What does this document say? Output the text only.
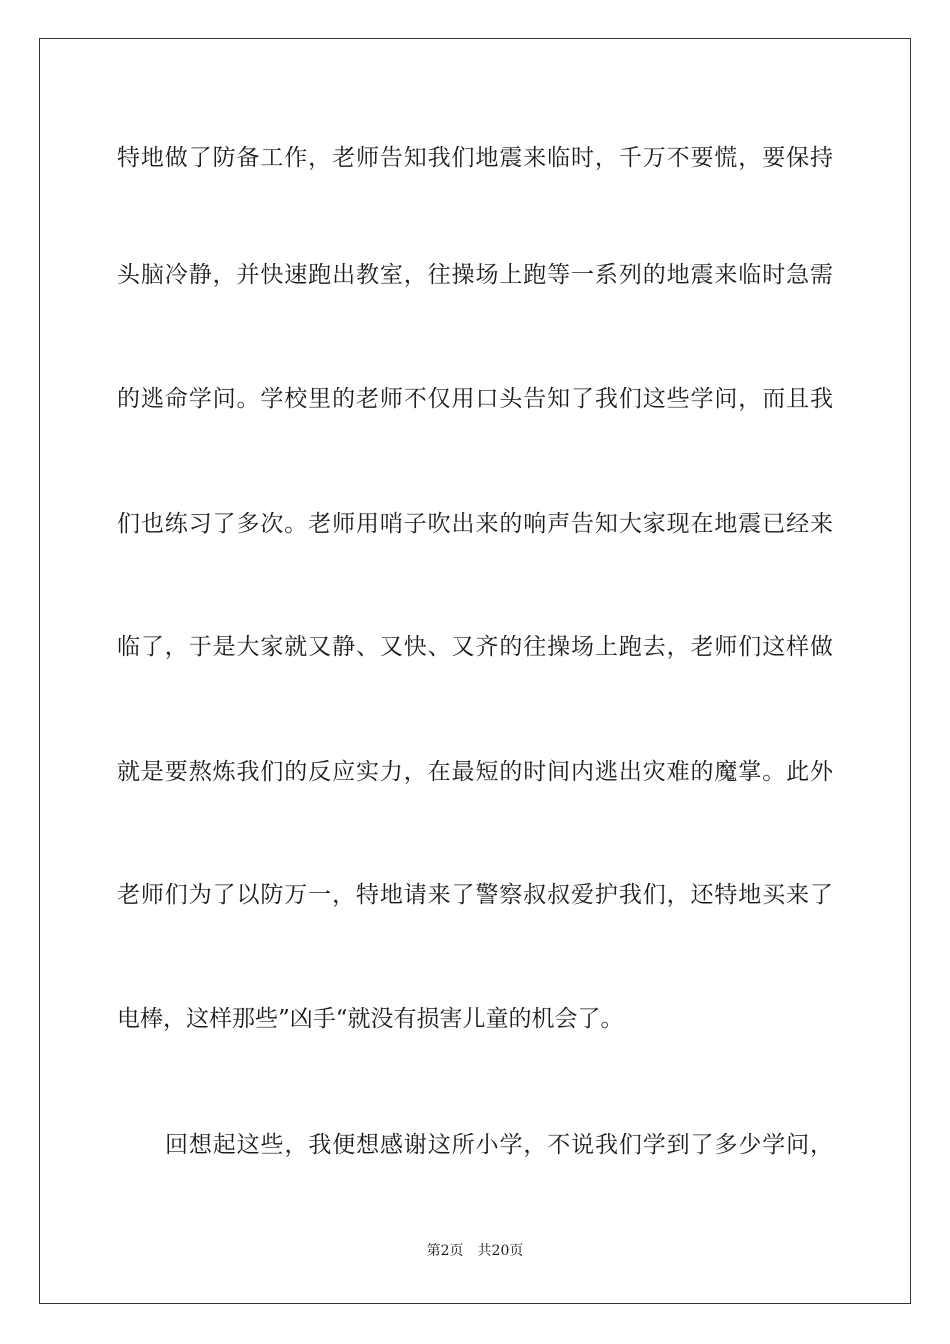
特地做了防备工作，老师告知我们地震来临时，千万不要慌，要保持
头脑冷静，并快速跑出教室，往操场上跑等一系列的地震来临时急需
的逃命学问。学校里的老师不仅用口头告知了我们这些学问，而且我
们也练习了多次。老师用哨子吹出来的响声告知大家现在地震已经来
临了，于是大家就又静、又快、又齐的往操场上跑去，老师们这样做
就是要熬炼我们的反应实力，在最短的时间内逃出灾难的魔掌。此外
老师们为了以防万一，特地请来了警察叔叔爱护我们，还特地买来了
电棒，这样那些”凶手“就没有损害儿童的机会了。
回想起这些，我便想感谢这所小学，不说我们学到了多少学问，
第2页 共20页
